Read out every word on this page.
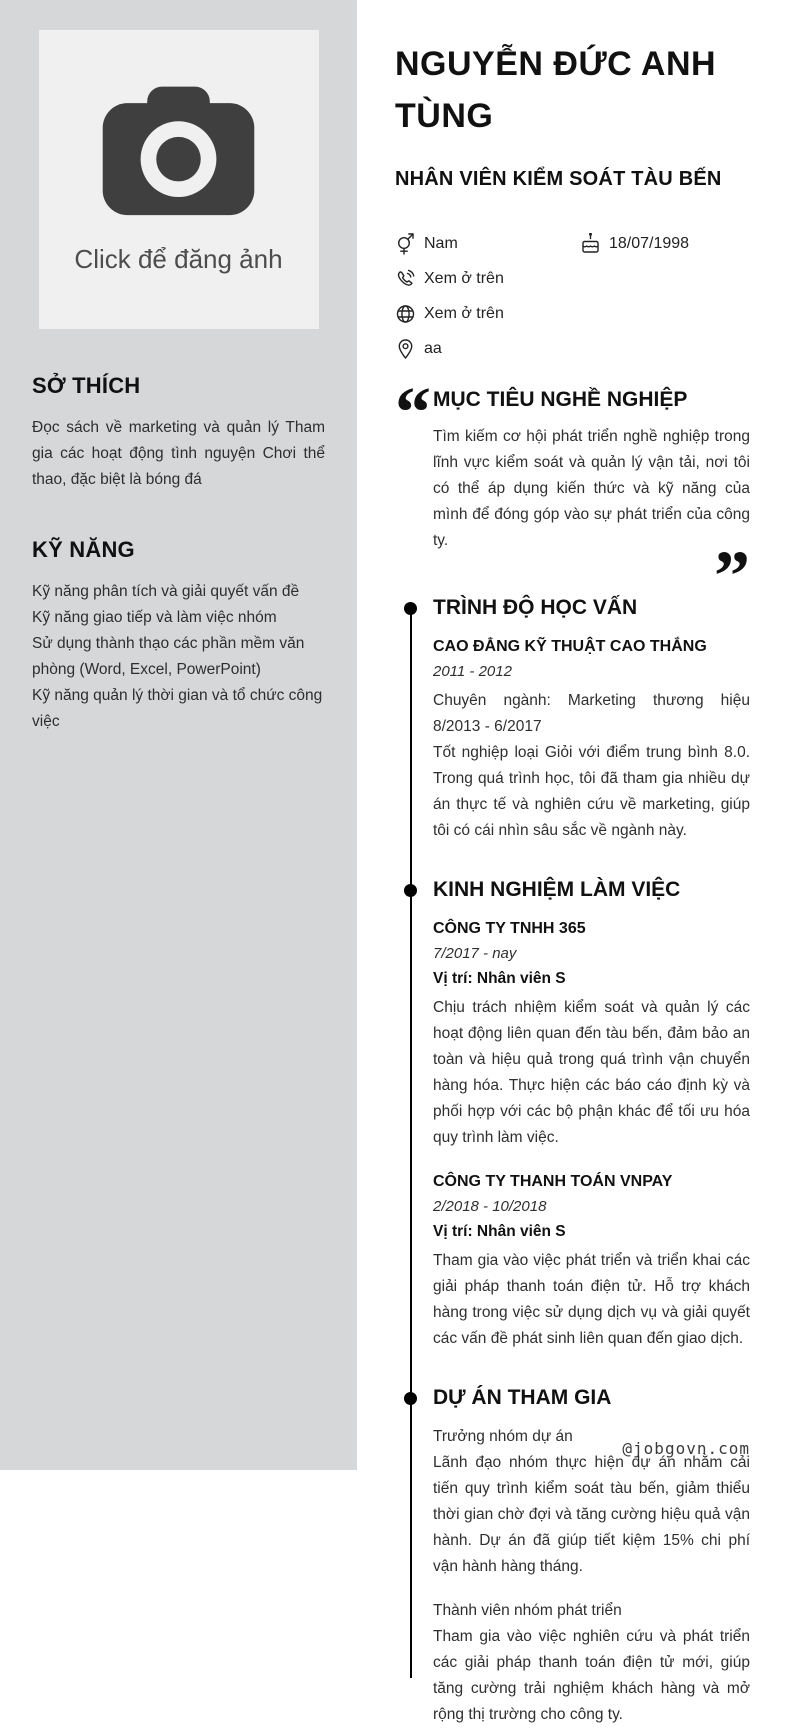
Click để đăng ảnh
SỞ THÍCH

Đọc sách về marketing và quản lý Tham gia các hoạt động tình nguyện Chơi thể thao, đặc biệt là bóng đá

KỸ NĂNG
Kỹ năng phân tích và giải quyết vấn đề
Kỹ năng giao tiếp và làm việc nhóm
Sử dụng thành thạo các phần mềm văn phòng (Word, Excel, PowerPoint)
Kỹ năng quản lý thời gian và tổ chức công việc
NGUYỄN ĐỨC ANH TÙNG
NHÂN VIÊN KIỂM SOÁT TÀU BẾN
Nam	18/07/1998
Xem ở trên
Xem ở trên
aa
“ MỤC TIÊU NGHỀ NGHIỆP

Tìm kiếm cơ hội phát triển nghề nghiệp trong lĩnh vực kiểm soát và quản lý vận tải, nơi tôi có thể áp dụng kiến thức và kỹ năng của mình để đóng góp vào sự phát triển của công ty.	”
TRÌNH ĐỘ HỌC VẤN
CAO ĐẲNG KỸ THUẬT CAO THẮNG
2011 - 2012
Chuyên ngành: Marketing thương hiệu 8/2013 - 6/2017

Tốt nghiệp loại Giỏi với điểm trung bình 8.0. Trong quá trình học, tôi đã tham gia nhiều dự án thực tế và nghiên cứu về marketing, giúp tôi có cái nhìn sâu sắc về ngành này.

KINH NGHIỆM LÀM VIỆC
CÔNG TY TNHH 365
7/2017 - nay
Vị trí: Nhân viên S

Chịu trách nhiệm kiểm soát và quản lý các hoạt động liên quan đến tàu bến, đảm bảo an toàn và hiệu quả trong quá trình vận chuyển hàng hóa. Thực hiện các báo cáo định kỳ và phối hợp với các bộ phận khác để tối ưu hóa quy trình làm việc.

CÔNG TY THANH TOÁN VNPAY
2/2018 - 10/2018
Vị trí: Nhân viên S

Tham gia vào việc phát triển và triển khai các giải pháp thanh toán điện tử. Hỗ trợ khách hàng trong việc sử dụng dịch vụ và giải quyết các vấn đề phát sinh liên quan đến giao dịch.

DỰ ÁN THAM GIA
Trưởng nhóm dự án

Lãnh đạo nhóm thực hiện dự án nhằm cải tiến quy trình kiểm soát tàu bến, giảm thiểu thời gian chờ đợi và tăng cường hiệu quả vận hành. Dự án đã giúp tiết kiệm 15% chi phí vận hành hàng tháng.

Thành viên nhóm phát triển

Tham gia vào việc nghiên cứu và phát triển các giải pháp thanh toán điện tử mới, giúp tăng cường trải nghiệm khách hàng và mở rộng thị trường cho công ty.

@jobgovn.com
